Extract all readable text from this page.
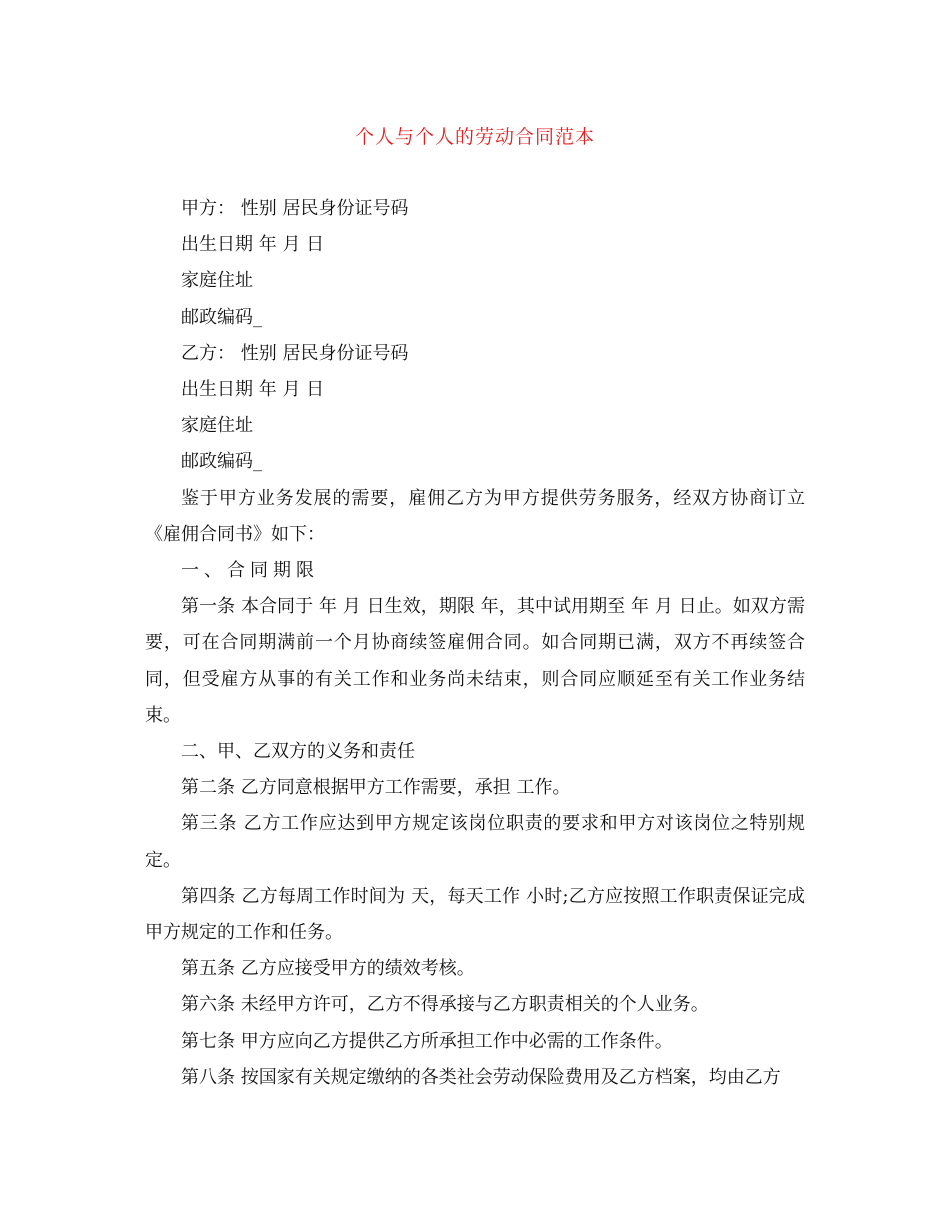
个人与个人的劳动合同范本

甲方： 性别 居民身份证号码

出生日期 年 月 日

家庭住址

邮政编码_

乙方： 性别 居民身份证号码

出生日期 年 月 日

家庭住址

邮政编码_

鉴于甲方业务发展的需要，雇佣乙方为甲方提供劳务服务，经双方协商订立《雇佣合同书》如下：

一、合同期限

第一条 本合同于 年 月 日生效，期限 年，其中试用期至 年 月 日止。如双方需要，可在合同期满前一个月协商续签雇佣合同。如合同期已满，双方不再续签合同，但受雇方从事的有关工作和业务尚未结束，则合同应顺延至有关工作业务结束。

二、甲、乙双方的义务和责任

第二条 乙方同意根据甲方工作需要，承担 工作。

第三条 乙方工作应达到甲方规定该岗位职责的要求和甲方对该岗位之特别规定。

第四条 乙方每周工作时间为 天，每天工作 小时;乙方应按照工作职责保证完成甲方规定的工作和任务。

第五条 乙方应接受甲方的绩效考核。

第六条 未经甲方许可，乙方不得承接与乙方职责相关的个人业务。

第七条 甲方应向乙方提供乙方所承担工作中必需的工作条件。

第八条 按国家有关规定缴纳的各类社会劳动保险费用及乙方档案，均由乙方
